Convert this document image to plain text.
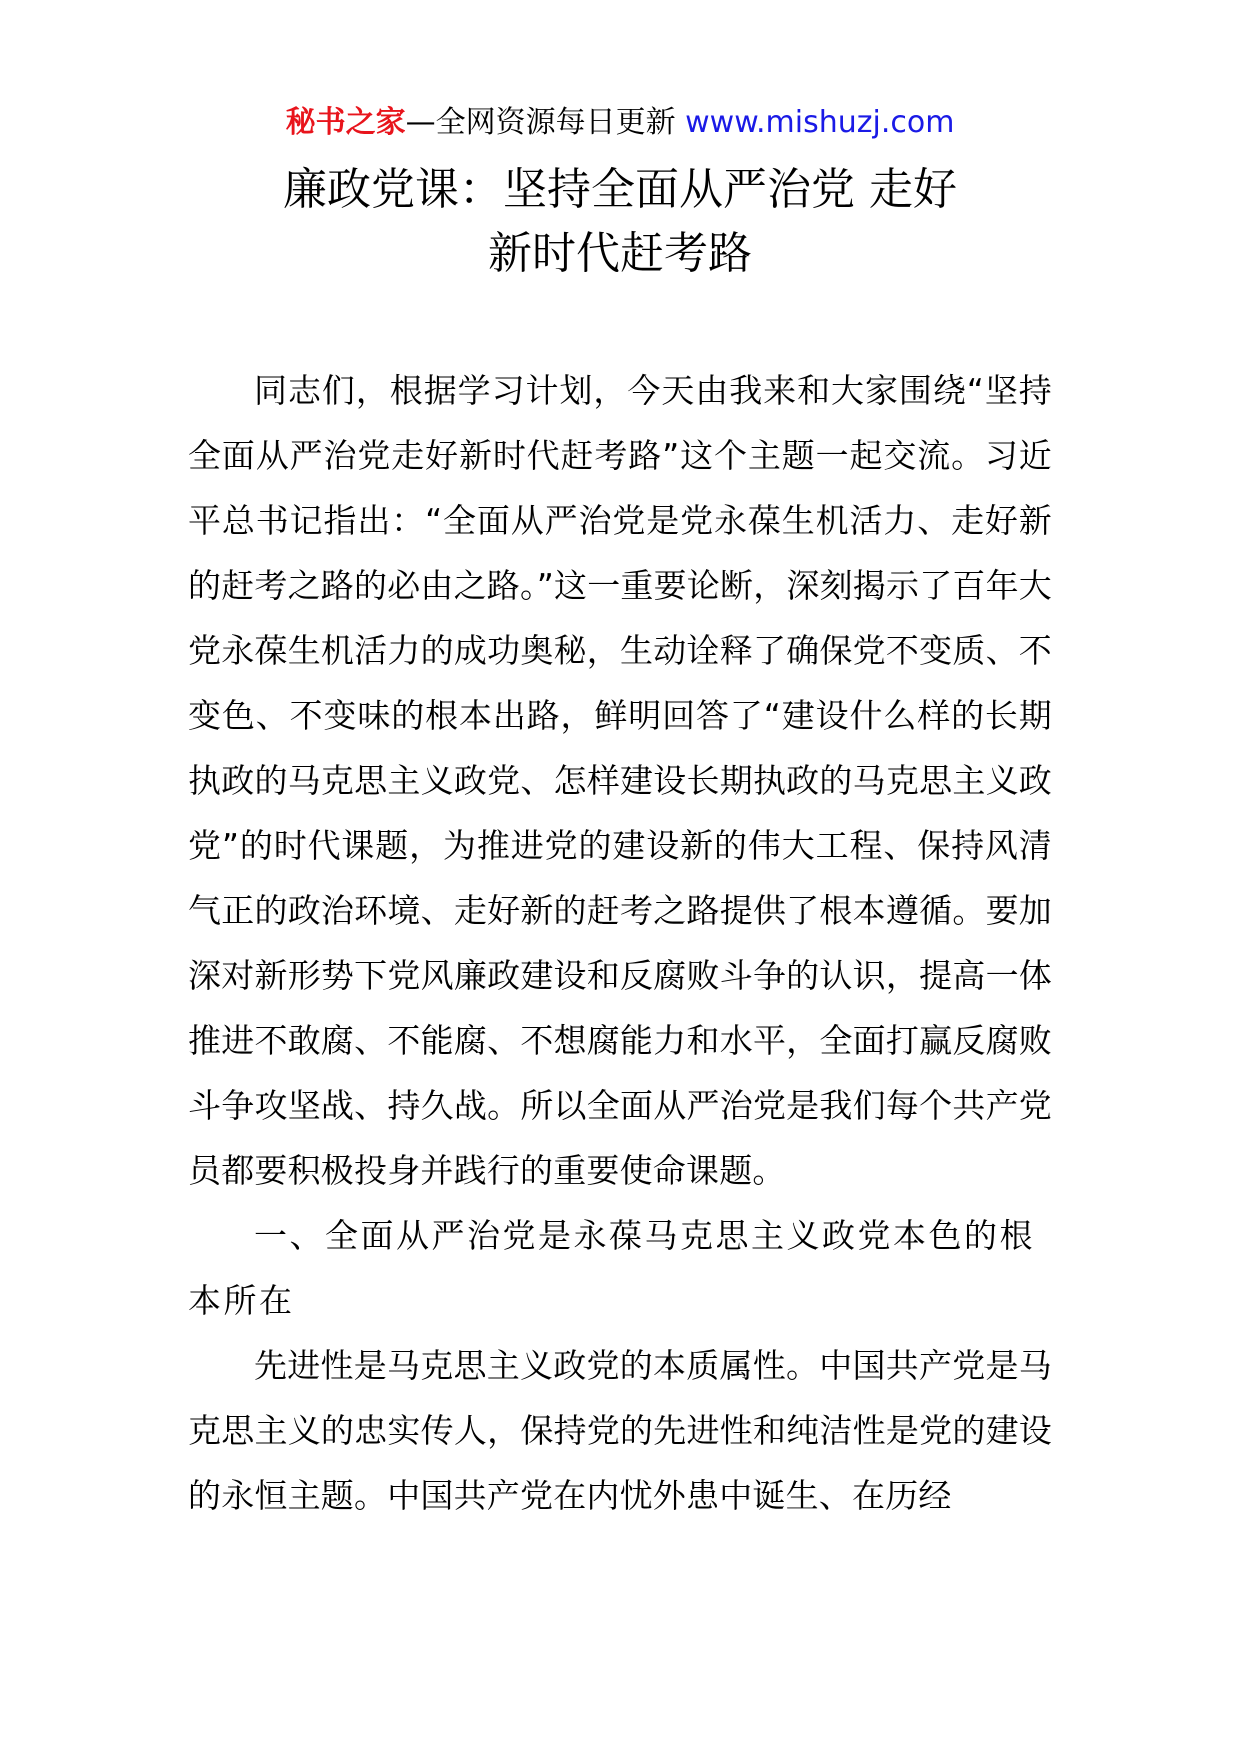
秘书之家—全网资源每日更新 www.mishuzj.com
廉政党课：坚持全面从严治党 走好
新时代赶考路

同志们，根据学习计划，今天由我来和大家围绕“坚持全面从严治党走好新时代赶考路”这个主题一起交流。习近平总书记指出：“全面从严治党是党永葆生机活力、走好新的赶考之路的必由之路。”这一重要论断，深刻揭示了百年大党永葆生机活力的成功奥秘，生动诠释了确保党不变质、不变色、不变味的根本出路，鲜明回答了“建设什么样的长期执政的马克思主义政党、怎样建设长期执政的马克思主义政党”的时代课题，为推进党的建设新的伟大工程、保持风清气正的政治环境、走好新的赶考之路提供了根本遵循。要加深对新形势下党风廉政建设和反腐败斗争的认识，提高一体推进不敢腐、不能腐、不想腐能力和水平，全面打赢反腐败斗争攻坚战、持久战。所以全面从严治党是我们每个共产党员都要积极投身并践行的重要使命课题。

一、全面从严治党是永葆马克思主义政党本色的根本所在

先进性是马克思主义政党的本质属性。中国共产党是马克思主义的忠实传人，保持党的先进性和纯洁性是党的建设的永恒主题。中国共产党在内忧外患中诞生、在历经
